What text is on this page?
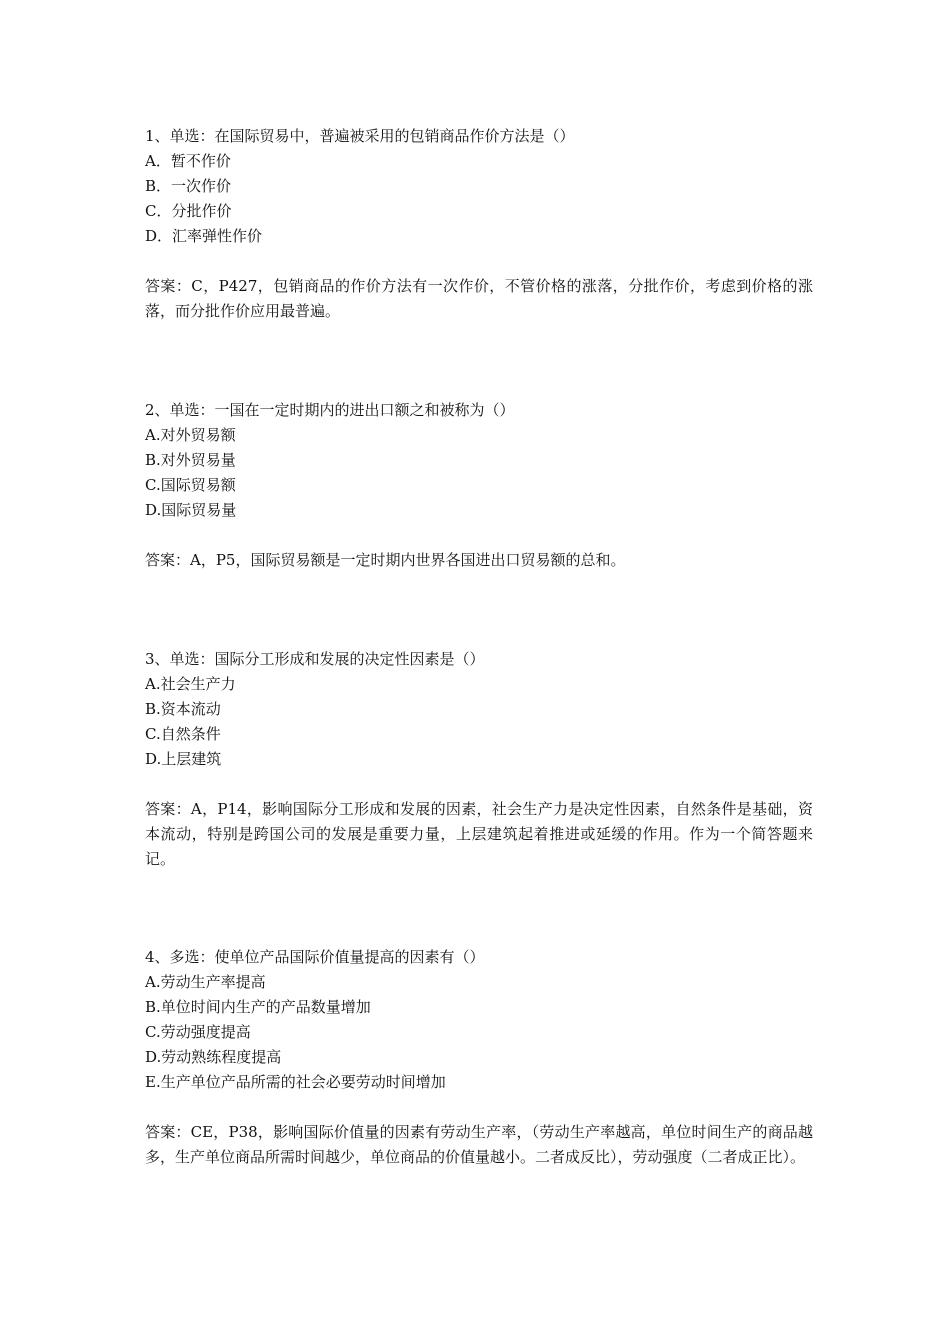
1、单选：在国际贸易中，普遍被采用的包销商品作价方法是（）
A．暂不作价
B．一次作价
C．分批作价
D．汇率弹性作价
答案：C，P427，包销商品的作价方法有一次作价，不管价格的涨落，分批作价，考虑到价格的涨落，而分批作价应用最普遍。
2、单选：一国在一定时期内的进出口额之和被称为（）
A.对外贸易额
B.对外贸易量
C.国际贸易额
D.国际贸易量
答案：A，P5，国际贸易额是一定时期内世界各国进出口贸易额的总和。
3、单选：国际分工形成和发展的决定性因素是（）
A.社会生产力
B.资本流动
C.自然条件
D.上层建筑
答案：A，P14，影响国际分工形成和发展的因素，社会生产力是决定性因素，自然条件是基础，资本流动，特别是跨国公司的发展是重要力量，上层建筑起着推进或延缓的作用。作为一个简答题来记。
4、多选：使单位产品国际价值量提高的因素有（）
A.劳动生产率提高
B.单位时间内生产的产品数量增加
C.劳动强度提高
D.劳动熟练程度提高
E.生产单位产品所需的社会必要劳动时间增加
答案：CE，P38，影响国际价值量的因素有劳动生产率，（劳动生产率越高，单位时间生产的商品越多，生产单位商品所需时间越少，单位商品的价值量越小。二者成反比），劳动强度（二者成正比）。
